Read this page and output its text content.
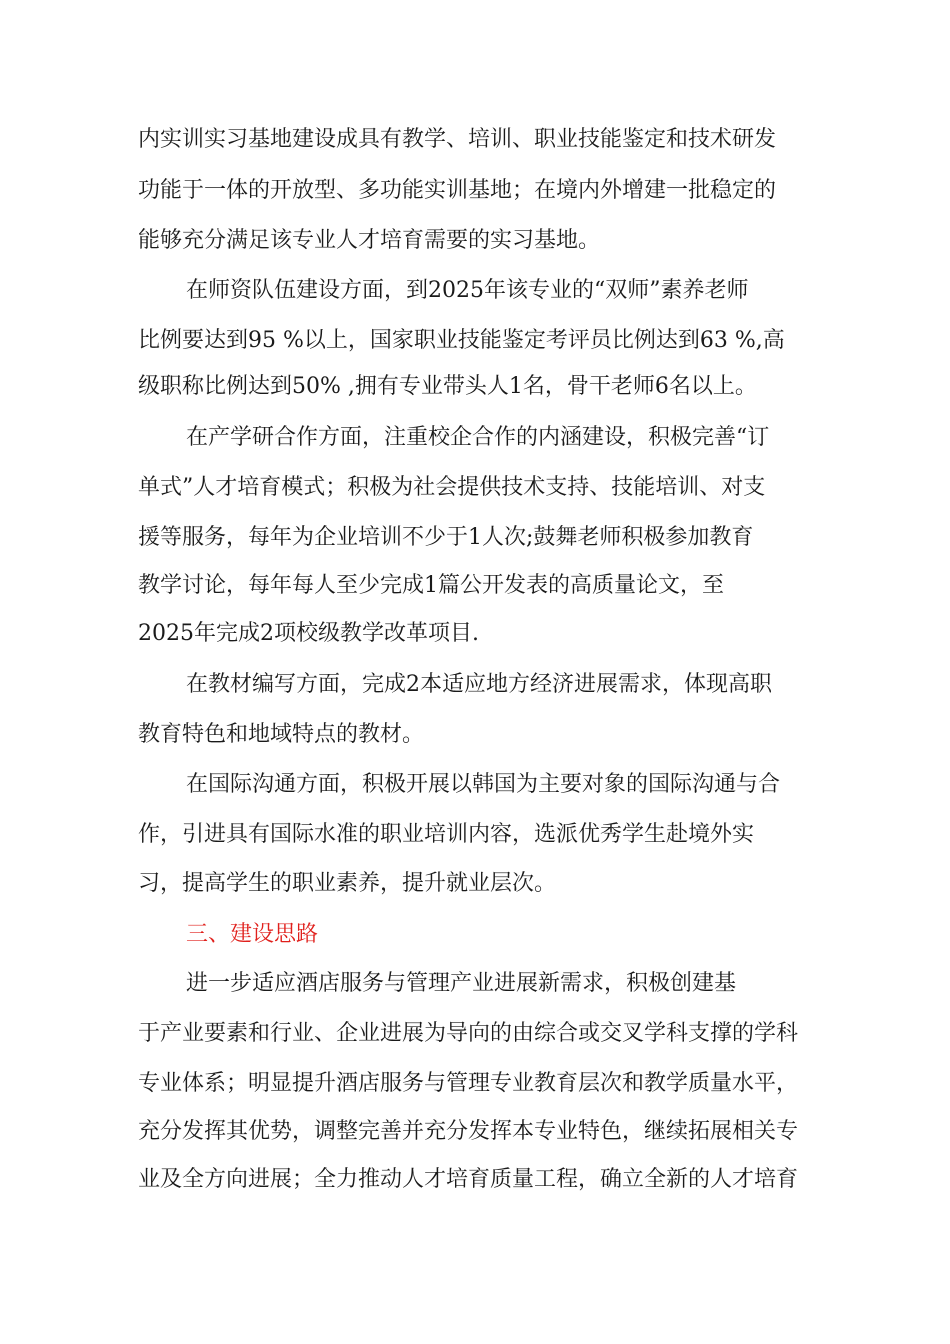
内实训实习基地建设成具有教学、培训、职业技能鉴定和技术研发
功能于一体的开放型、多功能实训基地；在境内外增建一批稳定的
能够充分满足该专业人才培育需要的实习基地。
在师资队伍建设方面，到2025年该专业的“双师”素养老师
比例要达到95 %以上，国家职业技能鉴定考评员比例达到63 %,高
级职称比例达到50% ,拥有专业带头人1名，骨干老师6名以上。
在产学研合作方面，注重校企合作的内涵建设，积极完善“订
单式”人才培育模式；积极为社会提供技术支持、技能培训、对支
援等服务，每年为企业培训不少于1人次;鼓舞老师积极参加教育
教学讨论，每年每人至少完成1篇公开发表的高质量论文，至
2025年完成2项校级教学改革项目.
在教材编写方面，完成2本适应地方经济进展需求，体现高职
教育特色和地域特点的教材。
在国际沟通方面，积极开展以韩国为主要对象的国际沟通与合
作，引进具有国际水准的职业培训内容，选派优秀学生赴境外实
习，提高学生的职业素养，提升就业层次。
三、建设思路
进一步适应酒店服务与管理产业进展新需求，积极创建基
于产业要素和行业、企业进展为导向的由综合或交叉学科支撑的学科
专业体系；明显提升酒店服务与管理专业教育层次和教学质量水平，
充分发挥其优势，调整完善并充分发挥本专业特色，继续拓展相关专
业及全方向进展；全力推动人才培育质量工程，确立全新的人才培育
